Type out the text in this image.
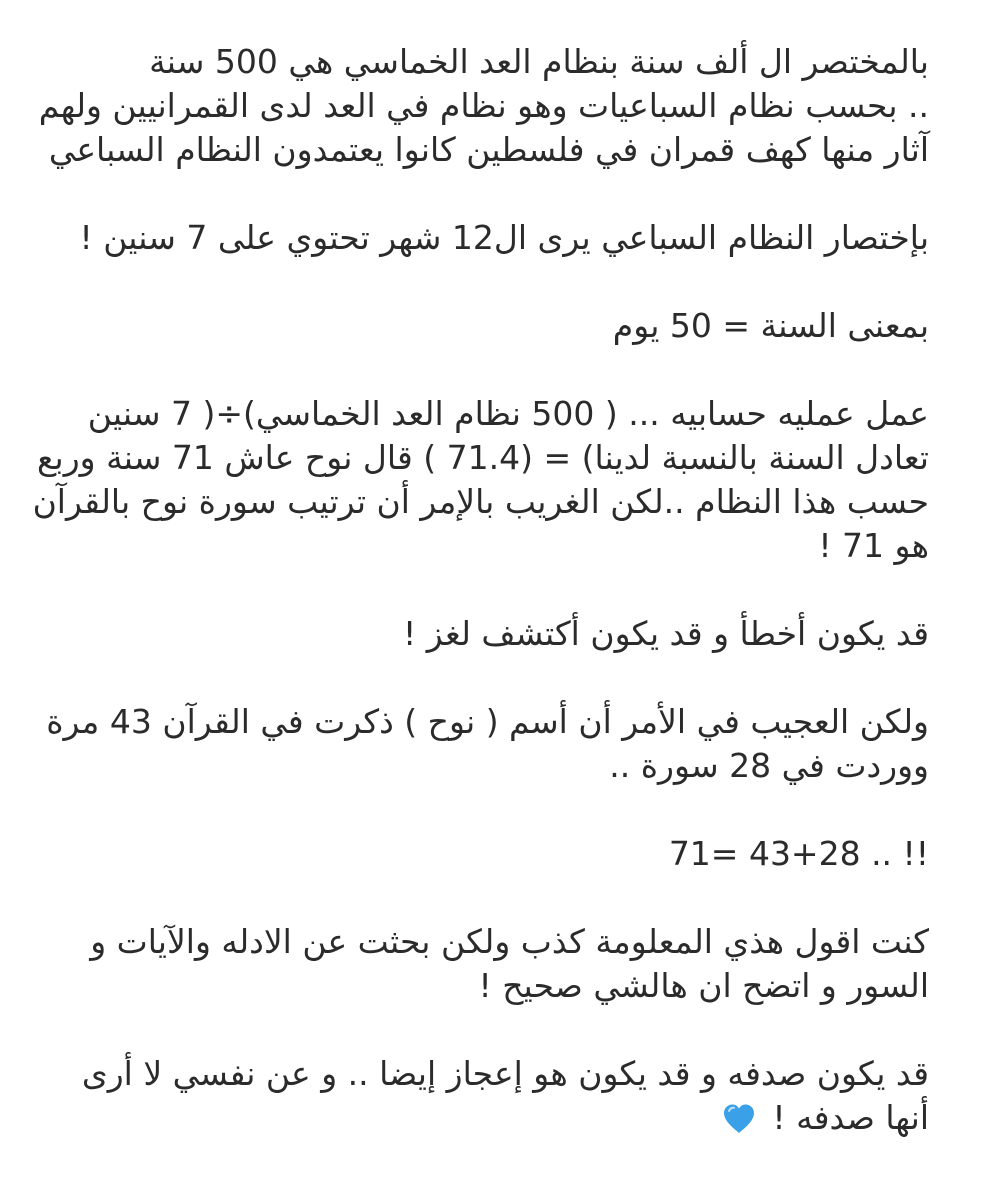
بالمختصر ال ألف سنة بنظام العد الخماسي هي 500 سنة
.. بحسب نظام السباعيات وهو نظام في العد لدى القمرانيين ولهم
آثار منها كهف قمران في فلسطين كانوا يعتمدون النظام السباعي
بإختصار النظام السباعي يرى ال12 شهر تحتوي على 7 سنين !
بمعنى السنة = 50 يوم
عمل عمليه حسابيه ... ( 500 نظام العد الخماسي)÷( 7 سنين
تعادل السنة بالنسبة لدينا) = (71.4 ) قال نوح عاش 71 سنة وربع
حسب هذا النظام ..لكن الغريب بالإمر أن ترتيب سورة نوح بالقرآن
هو 71 !
قد يكون أخطأ و قد يكون أكتشف لغز !
ولكن العجيب في الأمر أن أسم ( نوح ) ذكرت في القرآن 43 مرة
ووردت في 28 سورة ..
71= 43+28 .. !!
كنت اقول هذي المعلومة كذب ولكن بحثت عن الادله والآيات و
السور و اتضح ان هالشي صحيح !
قد يكون صدفه و قد يكون هو إعجاز إيضا .. و عن نفسي لا أرى
أنها صدفه !
